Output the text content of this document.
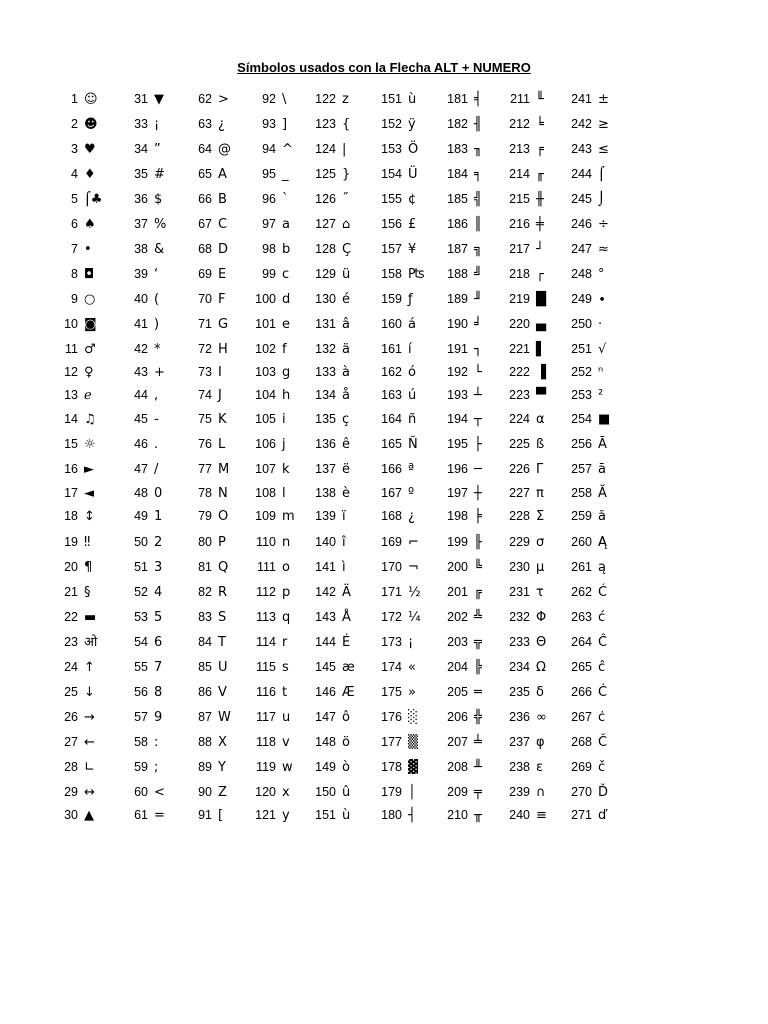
Símbolos usados con la Flecha ALT + NUMERO
1 ☺	31 ▼	62 >	92 \	122 z	151 ù	181 ╡	211 ╙	241 ±
2 ☻	33 ¡	63 ¿	93 ]	123 {	152 ÿ	182 ╢	212 ╘	242 ≥
3 ♥	34 ”	64 @	94 ^	124 |	153 Ö	183 ╖	213 ╒	243 ≤
4 ♦	35 #	65 A	95 _	125 }	154 Ü	184 ╕	214 ╓	244 ⌠
5 ⌠♣	36 $	66 B	96 `	126 ˝	155 ¢	185 ╣	215 ╫	245 ⌡
6 ♠	37 %	67 C	97 a	127 ⌂	156 £	186 ║	216 ╪	246 ÷
7 •	38 &	68 D	98 b	128 Ç	157 ¥	187 ╗	217 ┘	247 ≈
8 ◘	39 ‘	69 E	99 c	129 ü	158 ₧	188 ╝	218 ┌	248 °
9 ○	40 (	70 F	100 d	130 é	159 ƒ	189 ╜	219 █	249 ∙
10 ◙	41 )	71 G	101 e	131 â	160 á	190 ╛	220 ▄	250 ·
11 ♂	42 *	72 H	102 f	132 ä	161 í	191 ┐	221 ▌	251 √
12 ♀	43 +	73 I	103 g	133 à	162 ó	192 └	222 ▐	252 ⁿ
13 ℯ	44 ,	74 J	104 h	134 å	163 ú	193 ┴	223 ▀	253 ²
14 ♫	45 -	75 K	105 i	135 ç	164 ñ	194 ┬	224 α	254 ■
15 ☼	46 .	76 L	106 j	136 ê	165 Ñ	195 ├	225 ß	256 Ā
16 ►	47 /	77 M	107 k	137 ë	166 ª	196 ─	226 Γ	257 ā
17 ◄	48 0	78 N	108 l	138 è	167 º	197 ┼	227 π	258 Ă
18 ↕	49 1	79 O	109 m	139 ï	168 ¿	198 ╞	228 Σ	259 ă
19 ‼	50 2	80 P	110 n	140 î	169 ⌐	199 ╟	229 σ	260 Ą
20 ¶	51 3	81 Q	111 o	141 ì	170 ¬	200 ╚	230 µ	261 ą
21 §	52 4	82 R	112 p	142 Ä	171 ½	201 ╔	231 τ	262 Ć
22 ▬	53 5	83 S	113 q	143 Å	172 ¼	202 ╩	232 Φ	263 ć
23 ओ	54 6	84 T	114 r	144 É	173 ¡	203 ╦	233 Θ	264 Ĉ
24 ↑	55 7	85 U	115 s	145 æ	174 «	204 ╠	234 Ω	265 ĉ
25 ↓	56 8	86 V	116 t	146 Æ	175 »	205 ═	235 δ	266 Ċ
26 →	57 9	87 W	117 u	147 ô	176 ░	206 ╬	236 ∞	267 ċ
27 ←	58 :	88 X	118 v	148 ö	177 ▒	207 ╧	237 φ	268 Č
28 ∟	59 ;	89 Y	119 w	149 ò	178 ▓	208 ╨	238 ε	269 č
29 ↔	60 <	90 Z	120 x	150 û	179 │	209 ╤	239 ∩	270 Ď
30 ▲	61 =	91 [	121 y	151 ù	180 ┤	210 ╥	240 ≡	271 ď
